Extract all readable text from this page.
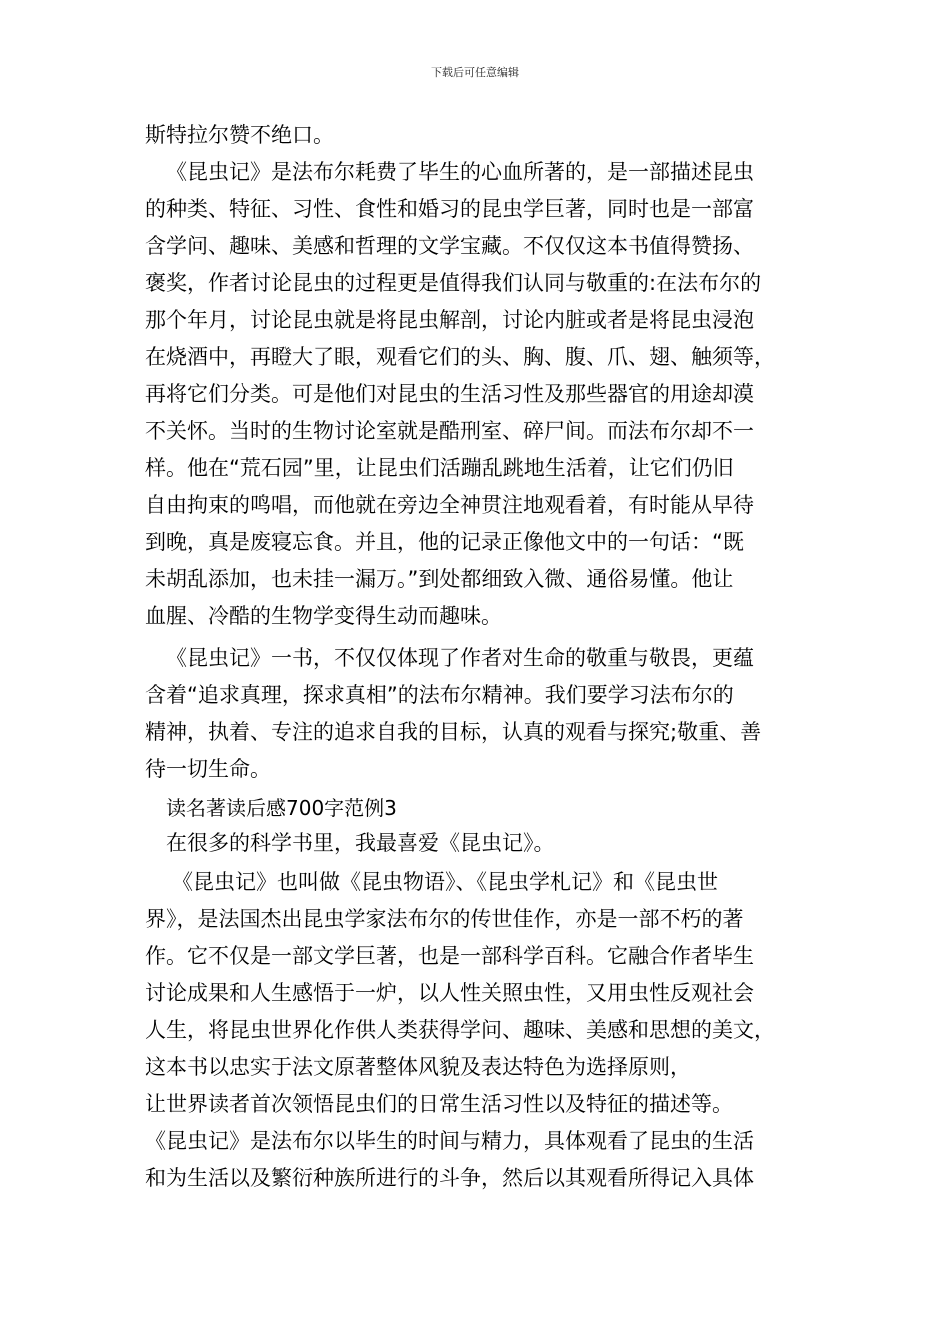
下载后可任意编辑
斯特拉尔赞不绝口。
《昆虫记》是法布尔耗费了毕生的心血所著的，是一部描述昆虫
的种类、特征、习性、食性和婚习的昆虫学巨著，同时也是一部富
含学问、趣味、美感和哲理的文学宝藏。不仅仅这本书值得赞扬、
褒奖，作者讨论昆虫的过程更是值得我们认同与敬重的:在法布尔的
那个年月，讨论昆虫就是将昆虫解剖，讨论内脏或者是将昆虫浸泡
在烧酒中，再瞪大了眼，观看它们的头、胸、腹、爪、翅、触须等，
再将它们分类。可是他们对昆虫的生活习性及那些器官的用途却漠
不关怀。当时的生物讨论室就是酷刑室、碎尸间。而法布尔却不一
样。他在“荒石园”里，让昆虫们活蹦乱跳地生活着，让它们仍旧
自由拘束的鸣唱，而他就在旁边全神贯注地观看着，有时能从早待
到晚，真是废寝忘食。并且，他的记录正像他文中的一句话：“既
未胡乱添加，也未挂一漏万。”到处都细致入微、通俗易懂。他让
血腥、冷酷的生物学变得生动而趣味。
《昆虫记》一书，不仅仅体现了作者对生命的敬重与敬畏，更蕴
含着“追求真理，探求真相”的法布尔精神。我们要学习法布尔的
精神，执着、专注的追求自我的目标，认真的观看与探究;敬重、善
待一切生命。
读名著读后感700字范例3
在很多的科学书里，我最喜爱《昆虫记》。
《昆虫记》也叫做《昆虫物语》、《昆虫学札记》和《昆虫世
界》，是法国杰出昆虫学家法布尔的传世佳作，亦是一部不朽的著
作。它不仅是一部文学巨著，也是一部科学百科。它融合作者毕生
讨论成果和人生感悟于一炉，以人性关照虫性，又用虫性反观社会
人生，将昆虫世界化作供人类获得学问、趣味、美感和思想的美文，
这本书以忠实于法文原著整体风貌及表达特色为选择原则，
让世界读者首次领悟昆虫们的日常生活习性以及特征的描述等。
《昆虫记》是法布尔以毕生的时间与精力，具体观看了昆虫的生活
和为生活以及繁衍种族所进行的斗争，然后以其观看所得记入具体
